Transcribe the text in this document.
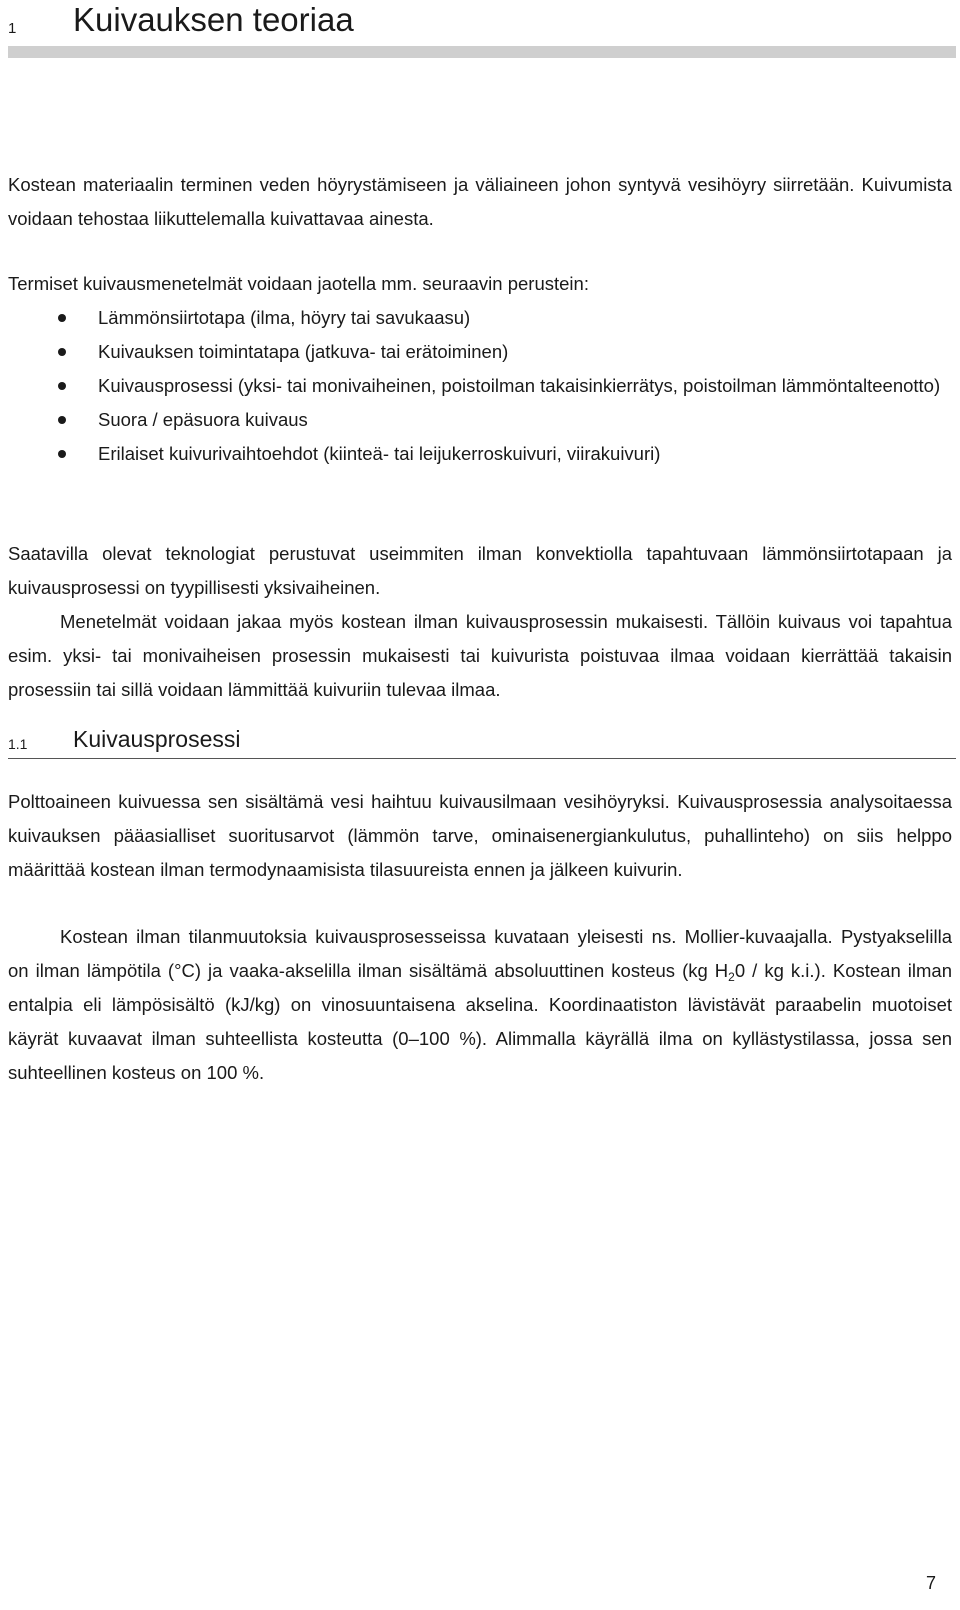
1 Kuivauksen teoriaa

Kostean materiaalin terminen veden höyrystämiseen ja väliaineen johon syntyvä vesihöyry siirretään. Kuivumista voidaan tehostaa liikuttelemalla kuivattavaa ainesta.

Termiset kuivausmenetelmät voidaan jaotella mm. seuraavin perustein:

Lämmönsiirtotapa (ilma, höyry tai savukaasu)
Kuivauksen toimintatapa (jatkuva- tai erätoiminen)
Kuivausprosessi (yksi- tai monivaiheinen, poistoilman takaisinkierrätys, poistoilman lämmöntalteenotto)
Suora / epäsuora kuivaus
Erilaiset kuivurivaihtoehdot (kiinteä- tai leijukerroskuivuri, viirakuivuri)

Saatavilla olevat teknologiat perustuvat useimmiten ilman konvektiolla tapahtuvaan lämmönsiirtotapaan ja kuivausprosessi on tyypillisesti yksivaiheinen.

Menetelmät voidaan jakaa myös kostean ilman kuivausprosessin mukaisesti. Tällöin kuivaus voi tapahtua esim. yksi- tai monivaiheisen prosessin mukaisesti tai kuivurista poistuvaa ilmaa voidaan kierrättää takaisin prosessiin tai sillä voidaan lämmittää kuivuriin tulevaa ilmaa.

1.1 Kuivausprosessi

Polttoaineen kuivuessa sen sisältämä vesi haihtuu kuivausilmaan vesihöyryksi. Kuivausprosessia analysoitaessa kuivauksen pääasialliset suoritusarvot (lämmön tarve, ominaisenergiankulutus, puhallinteho) on siis helppo määrittää kostean ilman termodynaamisista tilasuureista ennen ja jälkeen kuivurin.

Kostean ilman tilanmuutoksia kuivausprosesseissa kuvataan yleisesti ns. Mollier-kuvaajalla. Pystyakselilla on ilman lämpötila (°C) ja vaaka-akselilla ilman sisältämä absoluuttinen kosteus (kg $H_20$ / kg k.i.). Kostean ilman entalpia eli lämpösisältö (kJ/kg) on vinosuuntaisena akselina. Koordinaatiston lävistävät paraabelin muotoiset käyrät kuvaavat ilman suhteellista kosteutta (0–100 %). Alimmalla käyrällä ilma on kyllästystilassa, jossa sen suhteellinen kosteus on 100 %.

7
